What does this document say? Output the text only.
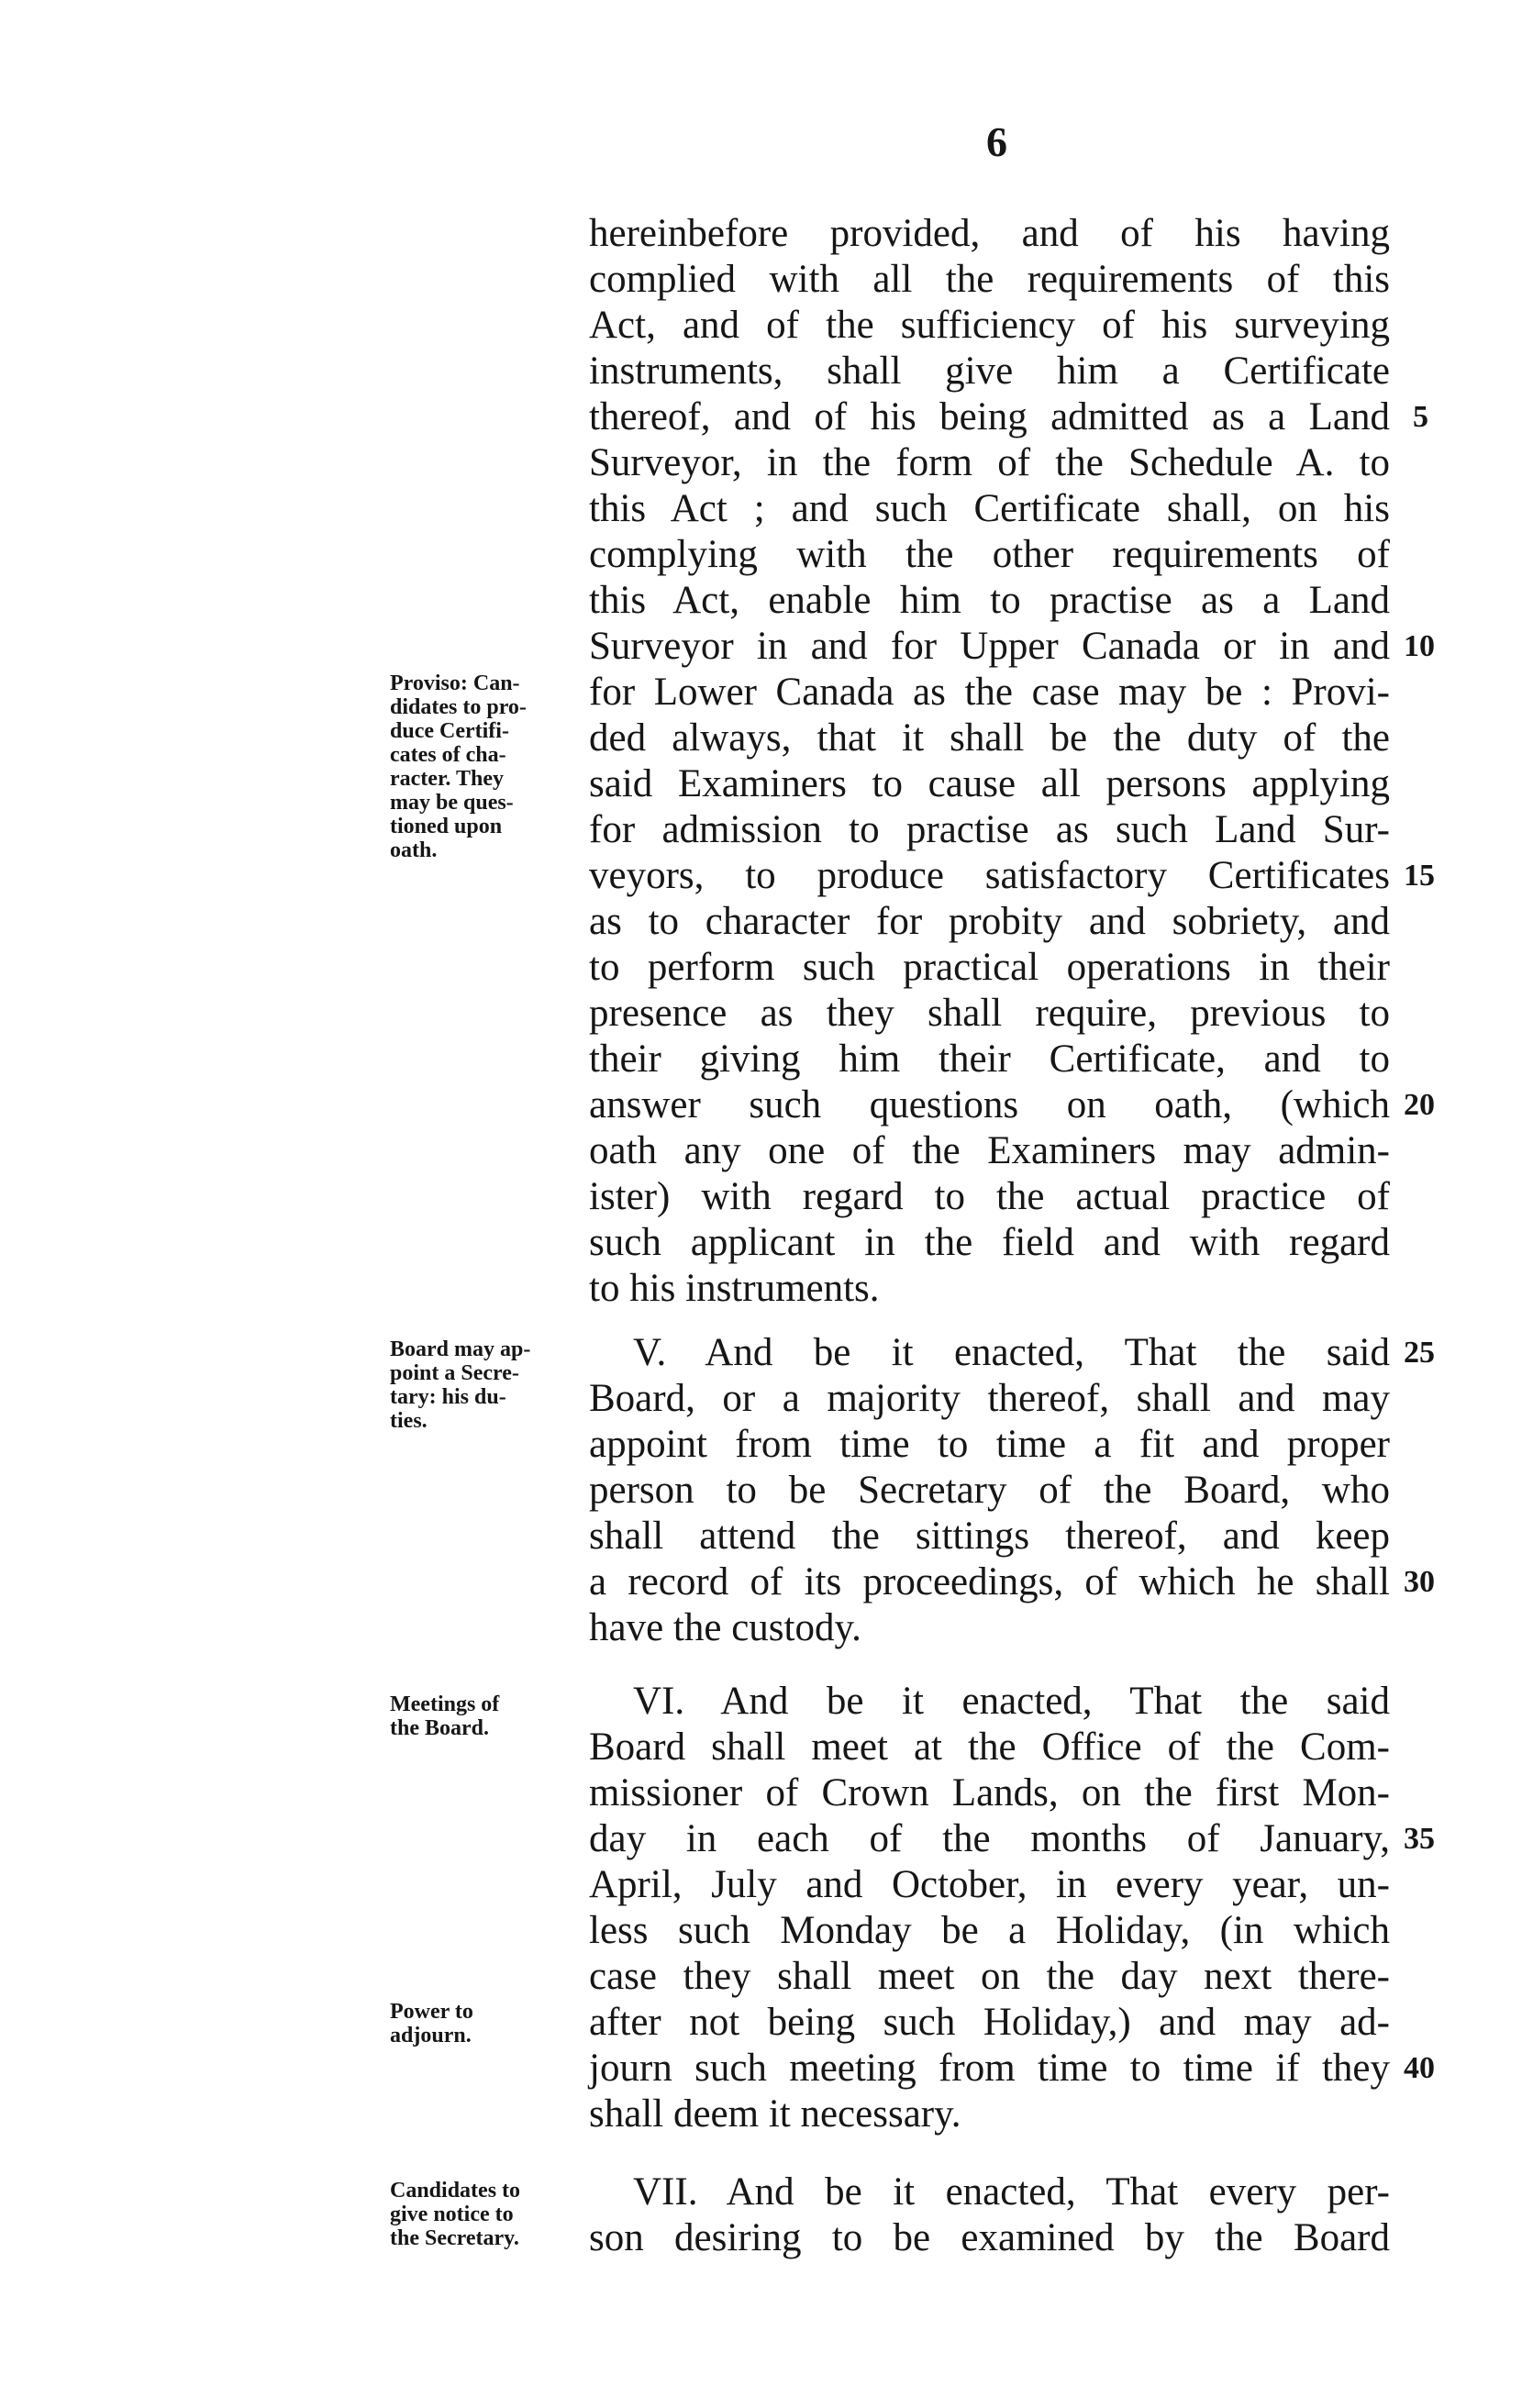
6
hereinbefore provided, and of his having
complied with all the requirements of this
Act, and of the sufficiency of his surveying
instruments, shall give him a Certificate
thereof, and of his being admitted as a Land
Surveyor, in the form of the Schedule A. to
this Act ; and such Certificate shall, on his
complying with the other requirements of
this Act, enable him to practise as a Land
Surveyor in and for Upper Canada or in and
for Lower Canada as the case may be : Provi-
ded always, that it shall be the duty of the
said Examiners to cause all persons applying
for admission to practise as such Land Sur-
veyors, to produce satisfactory Certificates
as to character for probity and sobriety, and
to perform such practical operations in their
presence as they shall require, previous to
their giving him their Certificate, and to
answer such questions on oath, (which
oath any one of the Examiners may admin-
ister) with regard to the actual practice of
such applicant in the field and with regard
to his instruments.
V. And be it enacted, That the said
Board, or a majority thereof, shall and may
appoint from time to time a fit and proper
person to be Secretary of the Board, who
shall attend the sittings thereof, and keep
a record of its proceedings, of which he shall
have the custody.
VI. And be it enacted, That the said
Board shall meet at the Office of the Com-
missioner of Crown Lands, on the first Mon-
day in each of the months of January,
April, July and October, in every year, un-
less such Monday be a Holiday, (in which
case they shall meet on the day next there-
after not being such Holiday,) and may ad-
journ such meeting from time to time if they
shall deem it necessary.
VII. And be it enacted, That every per-
son desiring to be examined by the Board
5
10
15
20
25
30
35
40
Proviso: Can-
didates to pro-
duce Certifi-
cates of cha-
racter. They
may be ques-
tioned upon
oath.
Board may ap-
point a Secre-
tary: his du-
ties.
Meetings of
the Board.
Power to
adjourn.
Candidates to
give notice to
the Secretary.
